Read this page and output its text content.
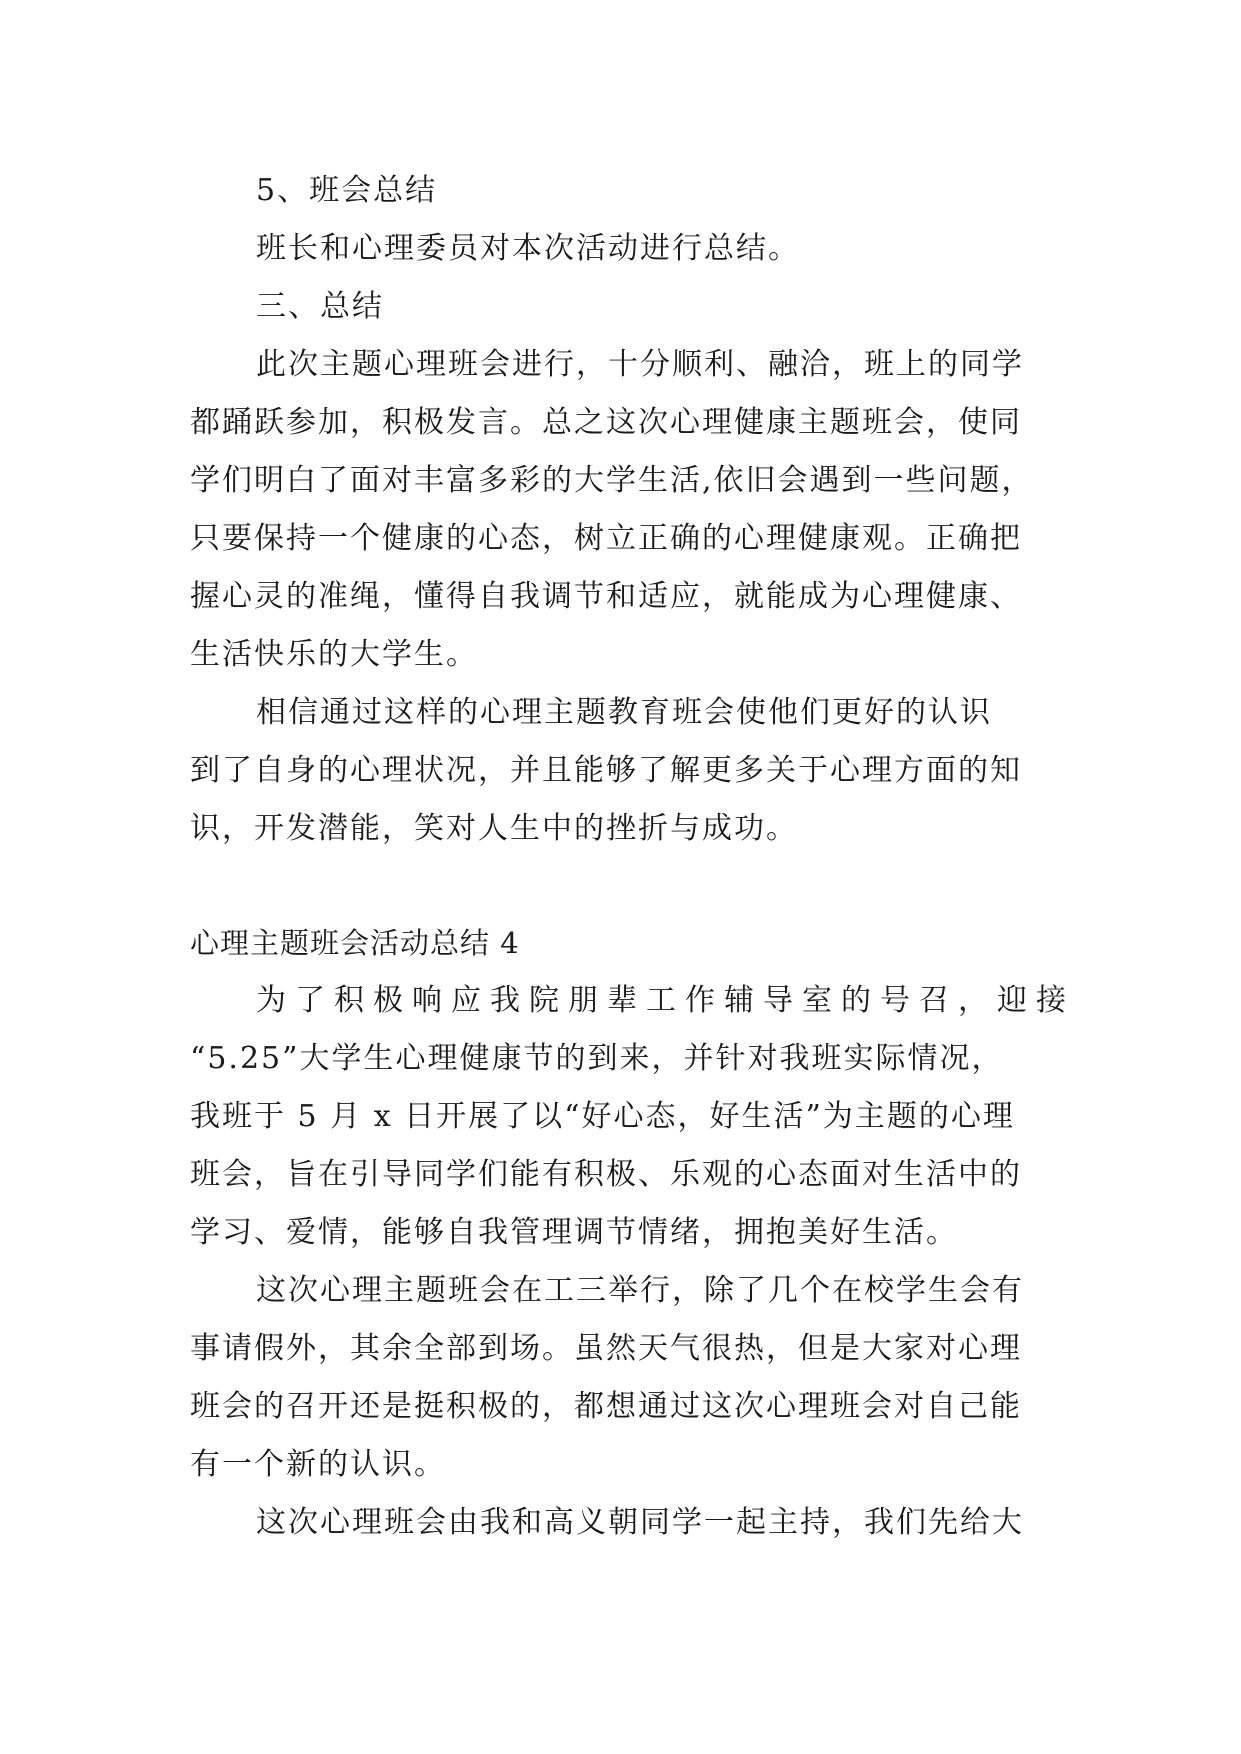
5、班会总结
班长和心理委员对本次活动进行总结。
三、总结
此次主题心理班会进行，十分顺利、融洽，班上的同学
都踊跃参加，积极发言。总之这次心理健康主题班会，使同
学们明白了面对丰富多彩的大学生活,依旧会遇到一些问题，
只要保持一个健康的心态，树立正确的心理健康观。正确把
握心灵的准绳，懂得自我调节和适应，就能成为心理健康、
生活快乐的大学生。
相信通过这样的心理主题教育班会使他们更好的认识
到了自身的心理状况，并且能够了解更多关于心理方面的知
识，开发潜能，笑对人生中的挫折与成功。
心理主题班会活动总结 4
为了积极响应我院朋辈工作辅导室的号召，迎接
“5.25”大学生心理健康节的到来，并针对我班实际情况，
我班于 5 月 x 日开展了以“好心态，好生活”为主题的心理
班会，旨在引导同学们能有积极、乐观的心态面对生活中的
学习、爱情，能够自我管理调节情绪，拥抱美好生活。
这次心理主题班会在工三举行，除了几个在校学生会有
事请假外，其余全部到场。虽然天气很热，但是大家对心理
班会的召开还是挺积极的，都想通过这次心理班会对自己能
有一个新的认识。
这次心理班会由我和高义朝同学一起主持，我们先给大
